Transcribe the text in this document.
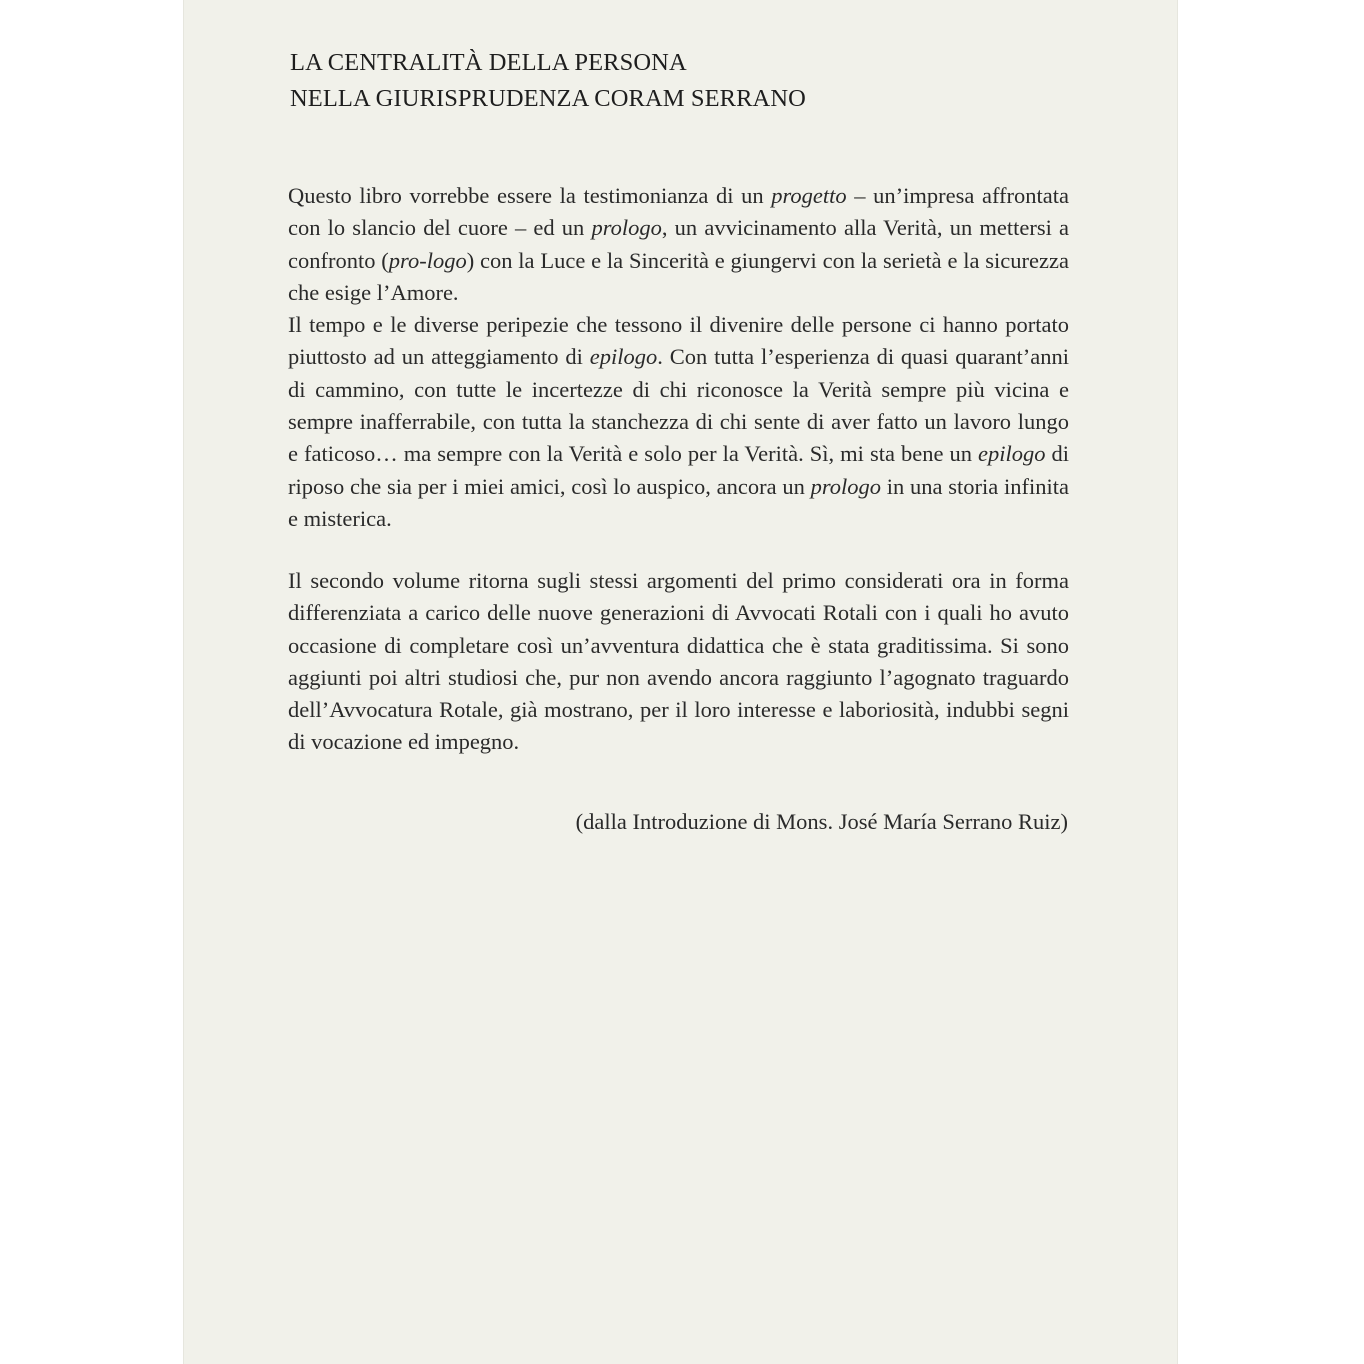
LA CENTRALITÀ DELLA PERSONA
NELLA GIURISPRUDENZA CORAM SERRANO
Questo libro vorrebbe essere la testimonianza di un progetto – un’impresa affrontata con lo slancio del cuore – ed un prologo, un avvicinamento alla Verità, un mettersi a confronto (pro-logo) con la Luce e la Sincerità e giungervi con la serietà e la sicurezza che esige l’Amore.
Il tempo e le diverse peripezie che tessono il divenire delle persone ci hanno portato piuttosto ad un atteggiamento di epilogo. Con tutta l’esperienza di quasi quarant’anni di cammino, con tutte le incertezze di chi riconosce la Verità sempre più vicina e sempre inafferrabile, con tutta la stanchezza di chi sente di aver fatto un lavoro lungo e faticoso… ma sempre con la Verità e solo per la Verità. Sì, mi sta bene un epilogo di riposo che sia per i miei amici, così lo auspico, ancora un prologo in una storia infinita e misterica.
Il secondo volume ritorna sugli stessi argomenti del primo considerati ora in forma differenziata a carico delle nuove generazioni di Avvocati Rotali con i quali ho avuto occasione di completare così un’avventura didattica che è stata graditissima. Si sono aggiunti poi altri studiosi che, pur non avendo ancora raggiunto l’agognato traguardo dell’Avvocatura Rotale, già mostrano, per il loro interesse e laboriosità, indubbi segni di vocazione ed impegno.
(dalla Introduzione di Mons. José María Serrano Ruiz)
